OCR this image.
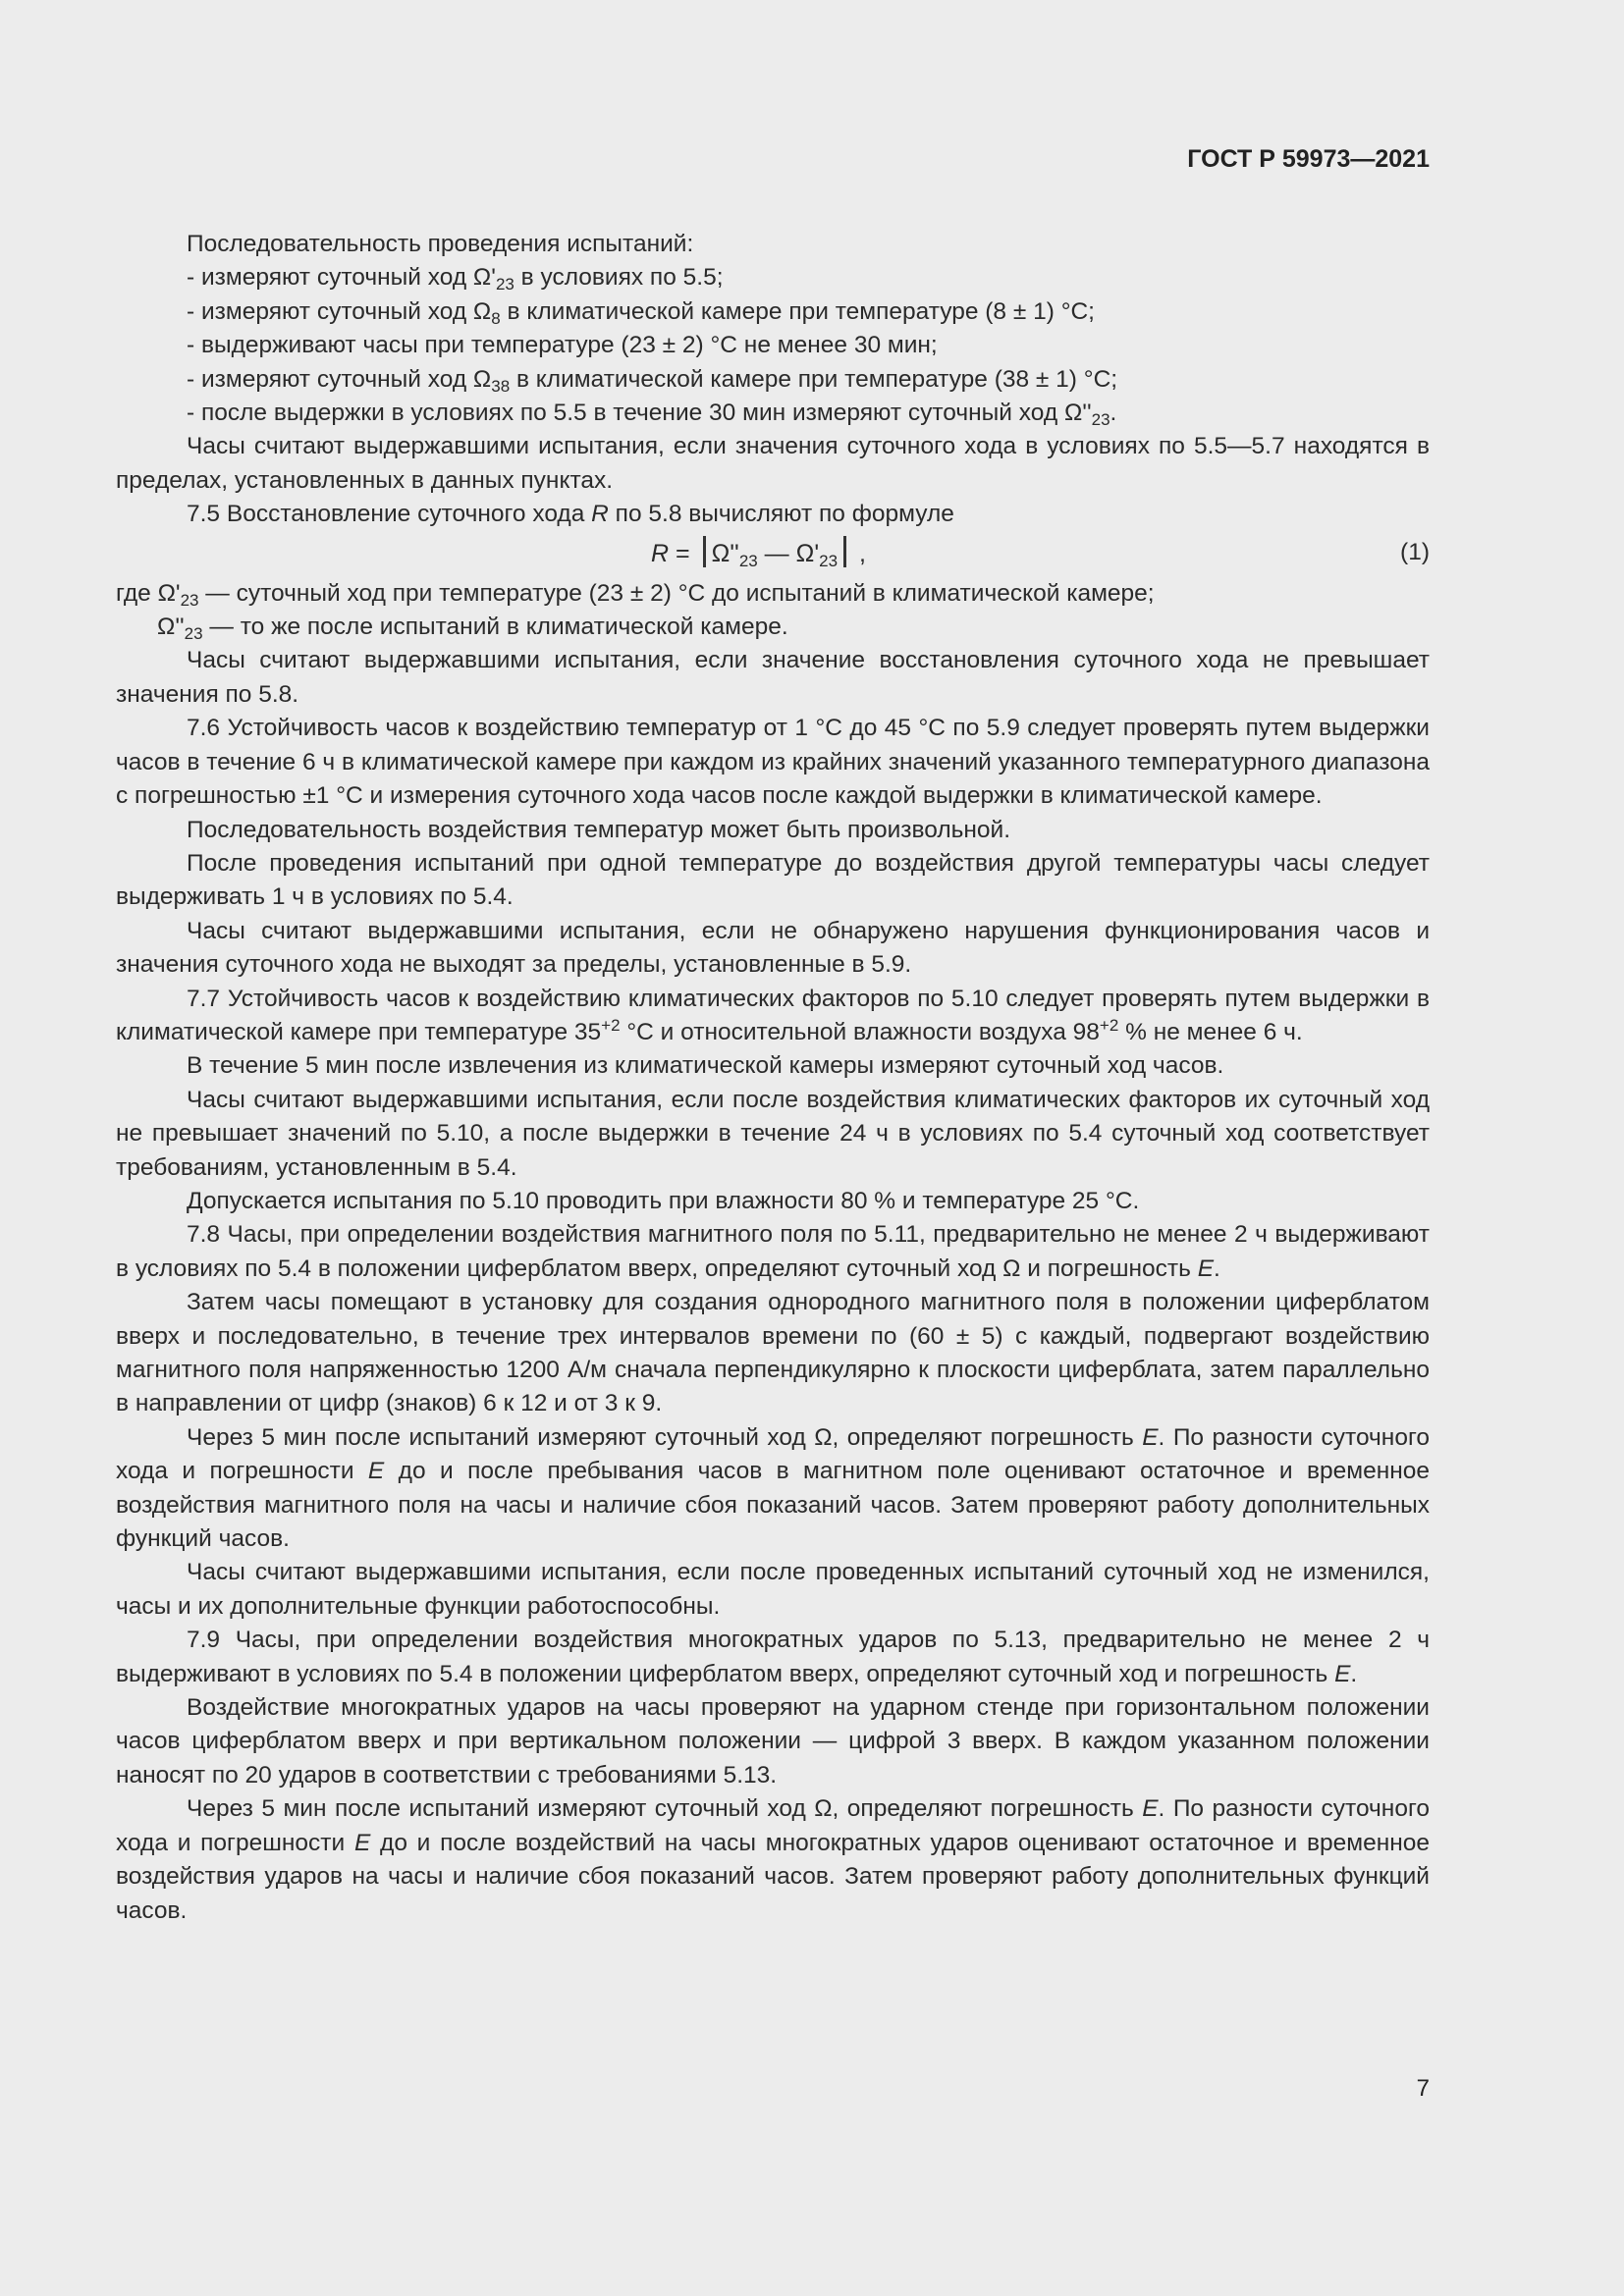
ГОСТ Р 59973—2021
Последовательность проведения испытаний:
- измеряют суточный ход $\Omega'_{23}$ в условиях по 5.5;
- измеряют суточный ход $\Omega_8$ в климатической камере при температуре (8 ± 1) °C;
- выдерживают часы при температуре (23 ± 2) °C не менее 30 мин;
- измеряют суточный ход $\Omega_{38}$ в климатической камере при температуре (38 ± 1) °C;
- после выдержки в условиях по 5.5 в течение 30 мин измеряют суточный ход $\Omega''_{23}$.
Часы считают выдержавшими испытания, если значения суточного хода в условиях по 5.5—5.7 находятся в пределах, установленных в данных пунктах.
7.5 Восстановление суточного хода R по 5.8 вычисляют по формуле
$R = \Omega''_{23}$ — $\Omega'_{23}$ ,	(1)
где $\Omega'_{23}$ — суточный ход при температуре (23 ± 2) °C до испытаний в климатической камере;
$\Omega''_{23}$ — то же после испытаний в климатической камере.
Часы считают выдержавшими испытания, если значение восстановления суточного хода не превышает значения по 5.8.
7.6 Устойчивость часов к воздействию температур от 1 °C до 45 °C по 5.9 следует проверять путем выдержки часов в течение 6 ч в климатической камере при каждом из крайних значений указанного температурного диапазона с погрешностью ±1 °C и измерения суточного хода часов после каждой выдержки в климатической камере.
Последовательность воздействия температур может быть произвольной.
После проведения испытаний при одной температуре до воздействия другой температуры часы следует выдерживать 1 ч в условиях по 5.4.
Часы считают выдержавшими испытания, если не обнаружено нарушения функционирования часов и значения суточного хода не выходят за пределы, установленные в 5.9.
7.7 Устойчивость часов к воздействию климатических факторов по 5.10 следует проверять путем выдержки в климатической камере при температуре $35^{+2}$ °C и относительной влажности воздуха $98^{+2}$ % не менее 6 ч.
В течение 5 мин после извлечения из климатической камеры измеряют суточный ход часов.
Часы считают выдержавшими испытания, если после воздействия климатических факторов их суточный ход не превышает значений по 5.10, а после выдержки в течение 24 ч в условиях по 5.4 суточный ход соответствует требованиям, установленным в 5.4.
Допускается испытания по 5.10 проводить при влажности 80 % и температуре 25 °C.
7.8 Часы, при определении воздействия магнитного поля по 5.11, предварительно не менее 2 ч выдерживают в условиях по 5.4 в положении циферблатом вверх, определяют суточный ход Ω и погрешность E.
Затем часы помещают в установку для создания однородного магнитного поля в положении циферблатом вверх и последовательно, в течение трех интервалов времени по (60 ± 5) с каждый, подвергают воздействию магнитного поля напряженностью 1200 А/м сначала перпендикулярно к плоскости циферблата, затем параллельно в направлении от цифр (знаков) 6 к 12 и от 3 к 9.
Через 5 мин после испытаний измеряют суточный ход Ω, определяют погрешность E. По разности суточного хода и погрешности E до и после пребывания часов в магнитном поле оценивают остаточное и временное воздействия магнитного поля на часы и наличие сбоя показаний часов. Затем проверяют работу дополнительных функций часов.
Часы считают выдержавшими испытания, если после проведенных испытаний суточный ход не изменился, часы и их дополнительные функции работоспособны.
7.9 Часы, при определении воздействия многократных ударов по 5.13, предварительно не менее 2 ч выдерживают в условиях по 5.4 в положении циферблатом вверх, определяют суточный ход и погрешность E.
Воздействие многократных ударов на часы проверяют на ударном стенде при горизонтальном положении часов циферблатом вверх и при вертикальном положении — цифрой 3 вверх. В каждом указанном положении наносят по 20 ударов в соответствии с требованиями 5.13.
Через 5 мин после испытаний измеряют суточный ход Ω, определяют погрешность E. По разности суточного хода и погрешности E до и после воздействий на часы многократных ударов оценивают остаточное и временное воздействия ударов на часы и наличие сбоя показаний часов. Затем проверяют работу дополнительных функций часов.
7
